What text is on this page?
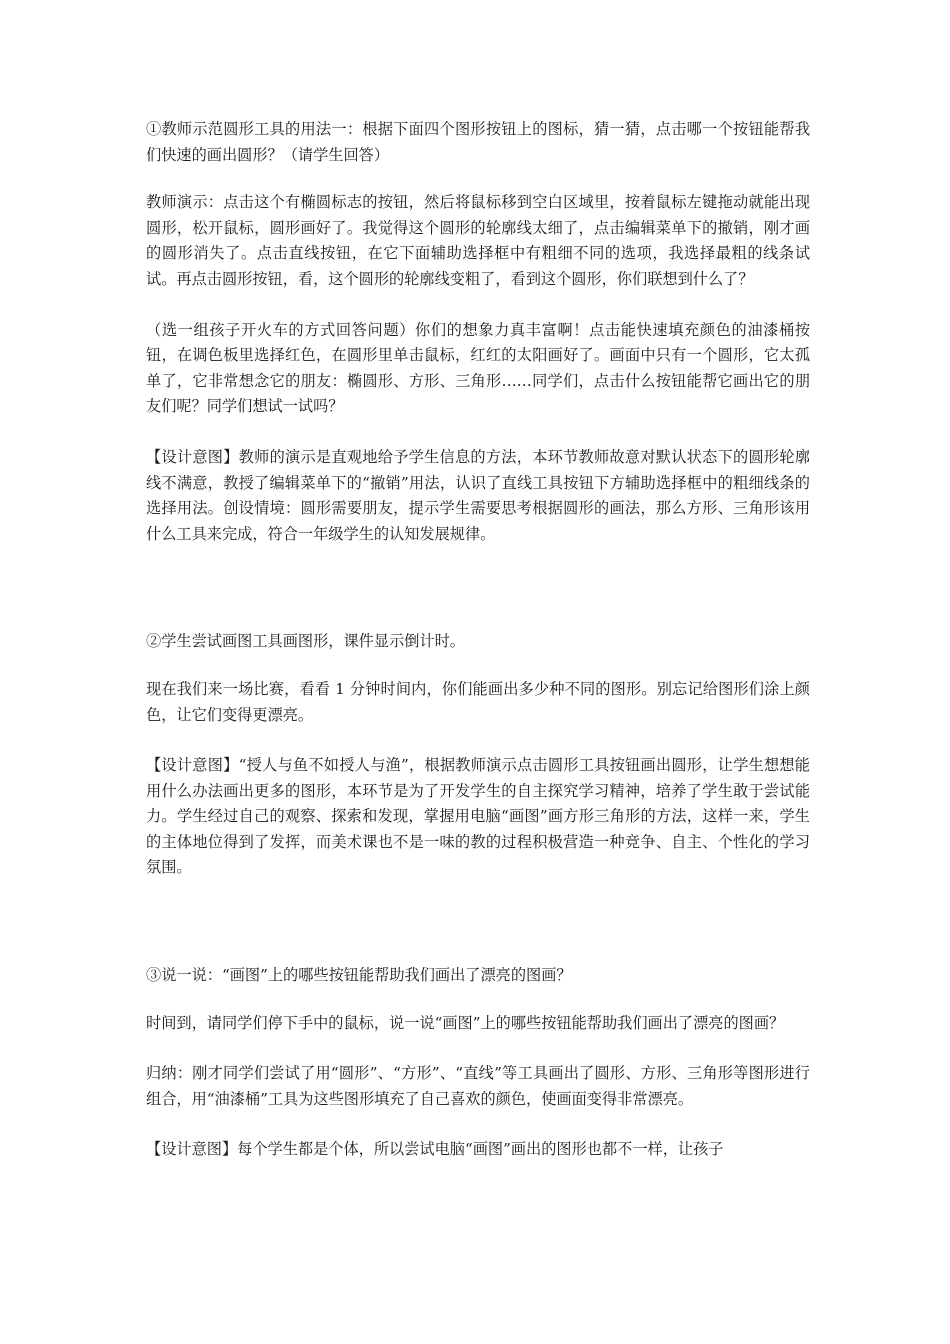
①教师示范圆形工具的用法一：根据下面四个图形按钮上的图标，猜一猜，点击哪一个按钮能帮我们快速的画出圆形？（请学生回答）

教师演示：点击这个有椭圆标志的按钮，然后将鼠标移到空白区域里，按着鼠标左键拖动就能出现圆形，松开鼠标，圆形画好了。我觉得这个圆形的轮廓线太细了，点击编辑菜单下的撤销，刚才画的圆形消失了。点击直线按钮，在它下面辅助选择框中有粗细不同的选项，我选择最粗的线条试试。再点击圆形按钮，看，这个圆形的轮廓线变粗了，看到这个圆形，你们联想到什么了？

（选一组孩子开火车的方式回答问题）你们的想象力真丰富啊！点击能快速填充颜色的油漆桶按钮，在调色板里选择红色，在圆形里单击鼠标，红红的太阳画好了。画面中只有一个圆形，它太孤单了，它非常想念它的朋友：椭圆形、方形、三角形……同学们，点击什么按钮能帮它画出它的朋友们呢？同学们想试一试吗？

【设计意图】教师的演示是直观地给予学生信息的方法，本环节教师故意对默认状态下的圆形轮廓线不满意，教授了编辑菜单下的“撤销”用法，认识了直线工具按钮下方辅助选择框中的粗细线条的选择用法。创设情境：圆形需要朋友，提示学生需要思考根据圆形的画法，那么方形、三角形该用什么工具来完成，符合一年级学生的认知发展规律。

②学生尝试画图工具画图形，课件显示倒计时。

现在我们来一场比赛，看看 1 分钟时间内，你们能画出多少种不同的图形。别忘记给图形们涂上颜色，让它们变得更漂亮。

【设计意图】“授人与鱼不如授人与渔”，根据教师演示点击圆形工具按钮画出圆形，让学生想想能用什么办法画出更多的图形，本环节是为了开发学生的自主探究学习精神，培养了学生敢于尝试能力。学生经过自己的观察、探索和发现，掌握用电脑“画图”画方形三角形的方法，这样一来，学生的主体地位得到了发挥，而美术课也不是一味的教的过程积极营造一种竞争、自主、个性化的学习氛围。

③说一说：“画图”上的哪些按钮能帮助我们画出了漂亮的图画？

时间到，请同学们停下手中的鼠标，说一说“画图”上的哪些按钮能帮助我们画出了漂亮的图画？

归纳：刚才同学们尝试了用“圆形”、“方形”、“直线”等工具画出了圆形、方形、三角形等图形进行组合，用“油漆桶”工具为这些图形填充了自己喜欢的颜色，使画面变得非常漂亮。

【设计意图】每个学生都是个体，所以尝试电脑“画图”画出的图形也都不一样，让孩子
